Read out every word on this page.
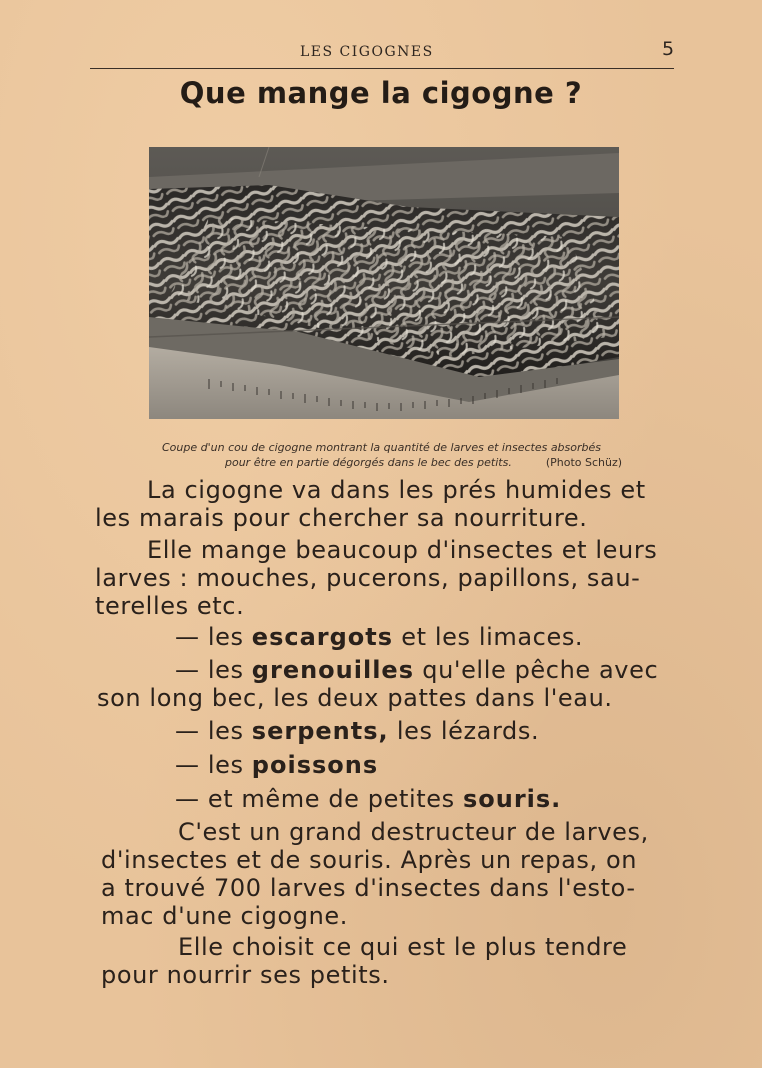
LES CIGOGNES	5
Que mange la cigogne ?
Coupe d'un cou de cigogne montrant la quantité de larves et insectes absorbés
pour être en partie dégorgés dans le bec des petits.	(Photo Schüz)
La cigogne va dans les prés humides et
les marais pour chercher sa nourriture.
Elle mange beaucoup d'insectes et leurs
larves : mouches, pucerons, papillons, sau-
terelles etc.
— les escargots et les limaces.
— les grenouilles qu'elle pêche avec
son long bec, les deux pattes dans l'eau.
— les serpents, les lézards.
— les poissons
— et même de petites souris.
C'est un grand destructeur de larves,
d'insectes et de souris. Après un repas, on
a trouvé 700 larves d'insectes dans l'esto-
mac d'une cigogne.
Elle choisit ce qui est le plus tendre
pour nourrir ses petits.
